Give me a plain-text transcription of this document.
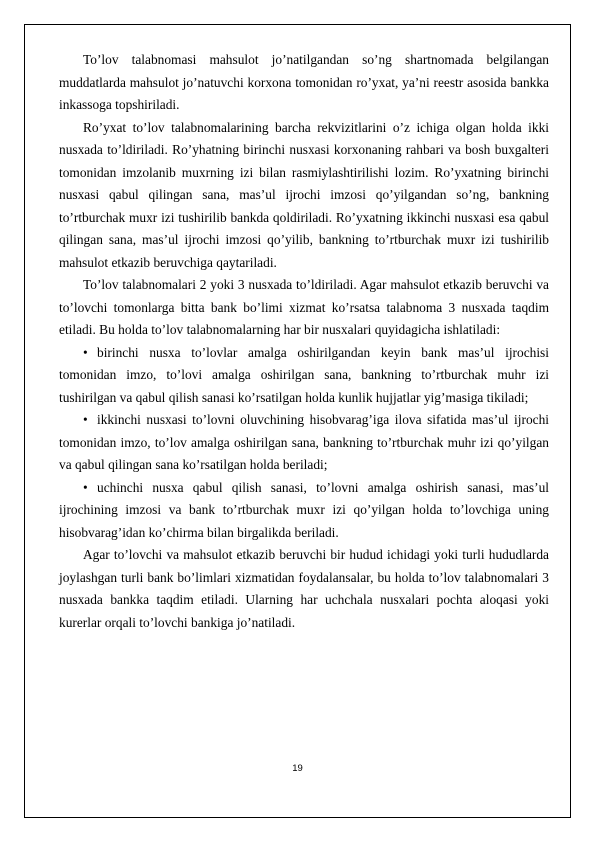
To’lov talabnomasi mahsulot jo’natilgandan so’ng shartnomada belgilangan muddatlarda mahsulot jo’natuvchi korxona tomonidan ro’yxat, ya’ni reestr asosida bankka inkassoga topshiriladi.

Ro’yxat to’lov talabnomalarining barcha rekvizitlarini o’z ichiga olgan holda ikki nusxada to’ldiriladi. Ro’yhatning birinchi nusxasi korxonaning rahbari va bosh buxgalteri tomonidan imzolanib muxrning izi bilan rasmiylashtirilishi lozim. Ro’yxatning birinchi nusxasi qabul qilingan sana, mas’ul ijrochi imzosi qo’yilgandan so’ng, bankning to’rtburchak muxr izi tushirilib bankda qoldiriladi. Ro’yxatning ikkinchi nusxasi esa qabul qilingan sana, mas’ul ijrochi imzosi qo’yilib, bankning to’rtburchak muxr izi tushirilib mahsulot etkazib beruvchiga qaytariladi.

To’lov talabnomalari 2 yoki 3 nusxada to’ldiriladi. Agar mahsulot etkazib beruvchi va to’lovchi tomonlarga bitta bank bo’limi xizmat ko’rsatsa talabnoma 3 nusxada taqdim etiladi. Bu holda to’lov talabnomalarning har bir nusxalari quyidagicha ishlatiladi:

• birinchi nusxa to’lovlar amalga oshirilgandan keyin bank mas’ul ijrochisi tomonidan imzo, to’lovi amalga oshirilgan sana, bankning to’rtburchak muhr izi tushirilgan va qabul qilish sanasi ko’rsatilgan holda kunlik hujjatlar yig’masiga tikiladi;

• ikkinchi nusxasi to’lovni oluvchining hisobvarag’iga ilova sifatida mas’ul ijrochi tomonidan imzo, to’lov amalga oshirilgan sana, bankning to’rtburchak muhr izi qo’yilgan va qabul qilingan sana ko’rsatilgan holda beriladi;

• uchinchi nusxa qabul qilish sanasi, to’lovni amalga oshirish sanasi, mas’ul ijrochining imzosi va bank to’rtburchak muxr izi qo’yilgan holda to’lovchiga uning hisobvarag’idan ko’chirma bilan birgalikda beriladi.

Agar to’lovchi va mahsulot etkazib beruvchi bir hudud ichidagi yoki turli hududlarda joylashgan turli bank bo’limlari xizmatidan foydalansalar, bu holda to’lov talabnomalari 3 nusxada bankka taqdim etiladi. Ularning har uchchala nusxalari pochta aloqasi yoki kurerlar orqali to’lovchi bankiga jo’natiladi.

19
